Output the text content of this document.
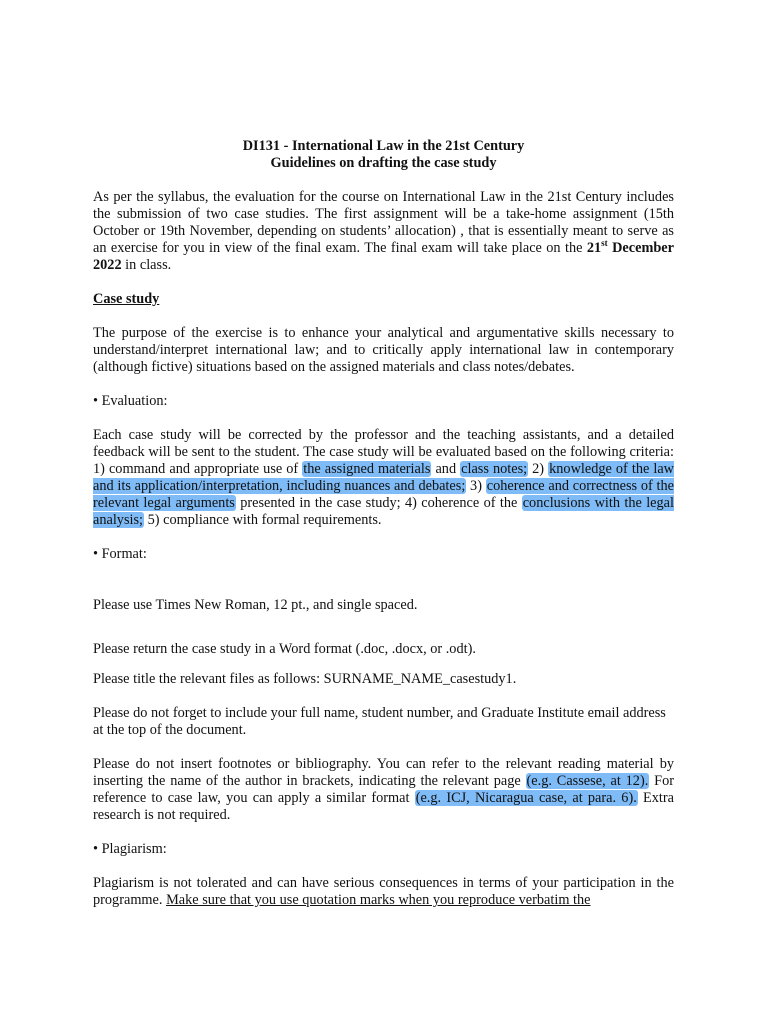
DI131 - International Law in the 21st Century

Guidelines on drafting the case study

As per the syllabus, the evaluation for the course on International Law in the 21st Century includes the submission of two case studies. The first assignment will be a take-home assignment (15th October or 19th November, depending on students’ allocation) , that is essentially meant to serve as an exercise for you in view of the final exam. The final exam will take place on the 21st December 2022 in class.

Case study

The purpose of the exercise is to enhance your analytical and argumentative skills necessary to understand/interpret international law; and to critically apply international law in contemporary (although fictive) situations based on the assigned materials and class notes/debates.

• Evaluation:

Each case study will be corrected by the professor and the teaching assistants, and a detailed feedback will be sent to the student. The case study will be evaluated based on the following criteria: 1) command and appropriate use of the assigned materials and class notes; 2) knowledge of the law and its application/interpretation, including nuances and debates; 3) coherence and correctness of the relevant legal arguments presented in the case study; 4) coherence of the conclusions with the legal analysis; 5) compliance with formal requirements.

• Format:

Please use Times New Roman, 12 pt., and single spaced.

Please return the case study in a Word format (.doc, .docx, or .odt).

Please title the relevant files as follows: SURNAME_NAME_casestudy1.

Please do not forget to include your full name, student number, and Graduate Institute email address at the top of the document.

Please do not insert footnotes or bibliography. You can refer to the relevant reading material by inserting the name of the author in brackets, indicating the relevant page (e.g. Cassese, at 12). For reference to case law, you can apply a similar format (e.g. ICJ, Nicaragua case, at para. 6). Extra research is not required.

• Plagiarism:

Plagiarism is not tolerated and can have serious consequences in terms of your participation in the programme. Make sure that you use quotation marks when you reproduce verbatim the
